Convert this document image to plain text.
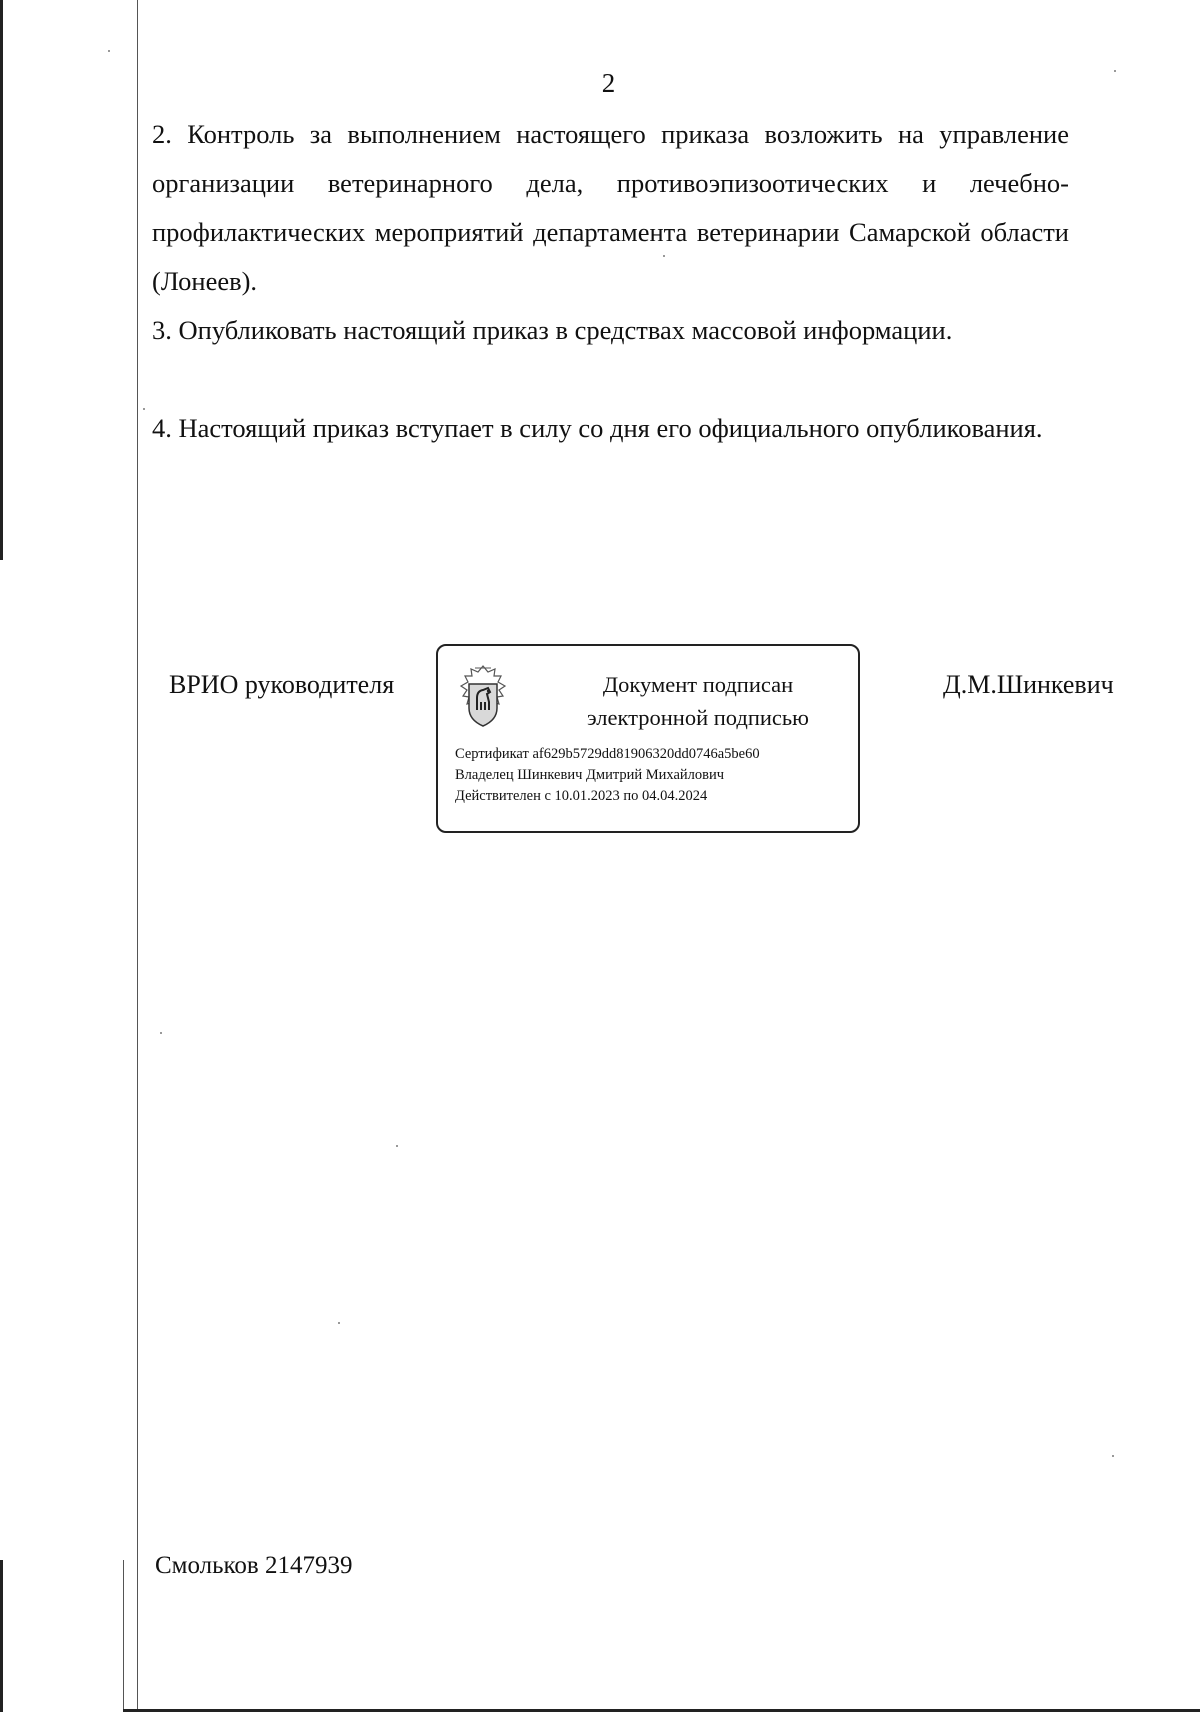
2

2. Контроль за выполнением настоящего приказа возложить на управление организации ветеринарного дела, противоэпизоотических и лечебно-профилактических мероприятий департамента ветеринарии Самарской области (Лонеев).

3. Опубликовать настоящий приказ в средствах массовой информации.

4. Настоящий приказ вступает в силу со дня его официального опубликования.

ВРИО руководителя	Документ подписан
электронной подписью
Сертификат af629b5729dd81906320dd0746a5be60
Владелец Шинкевич Дмитрий Михайлович
Действителен с 10.01.2023 по 04.04.2024
Д.М.Шинкевич
Смольков 2147939
